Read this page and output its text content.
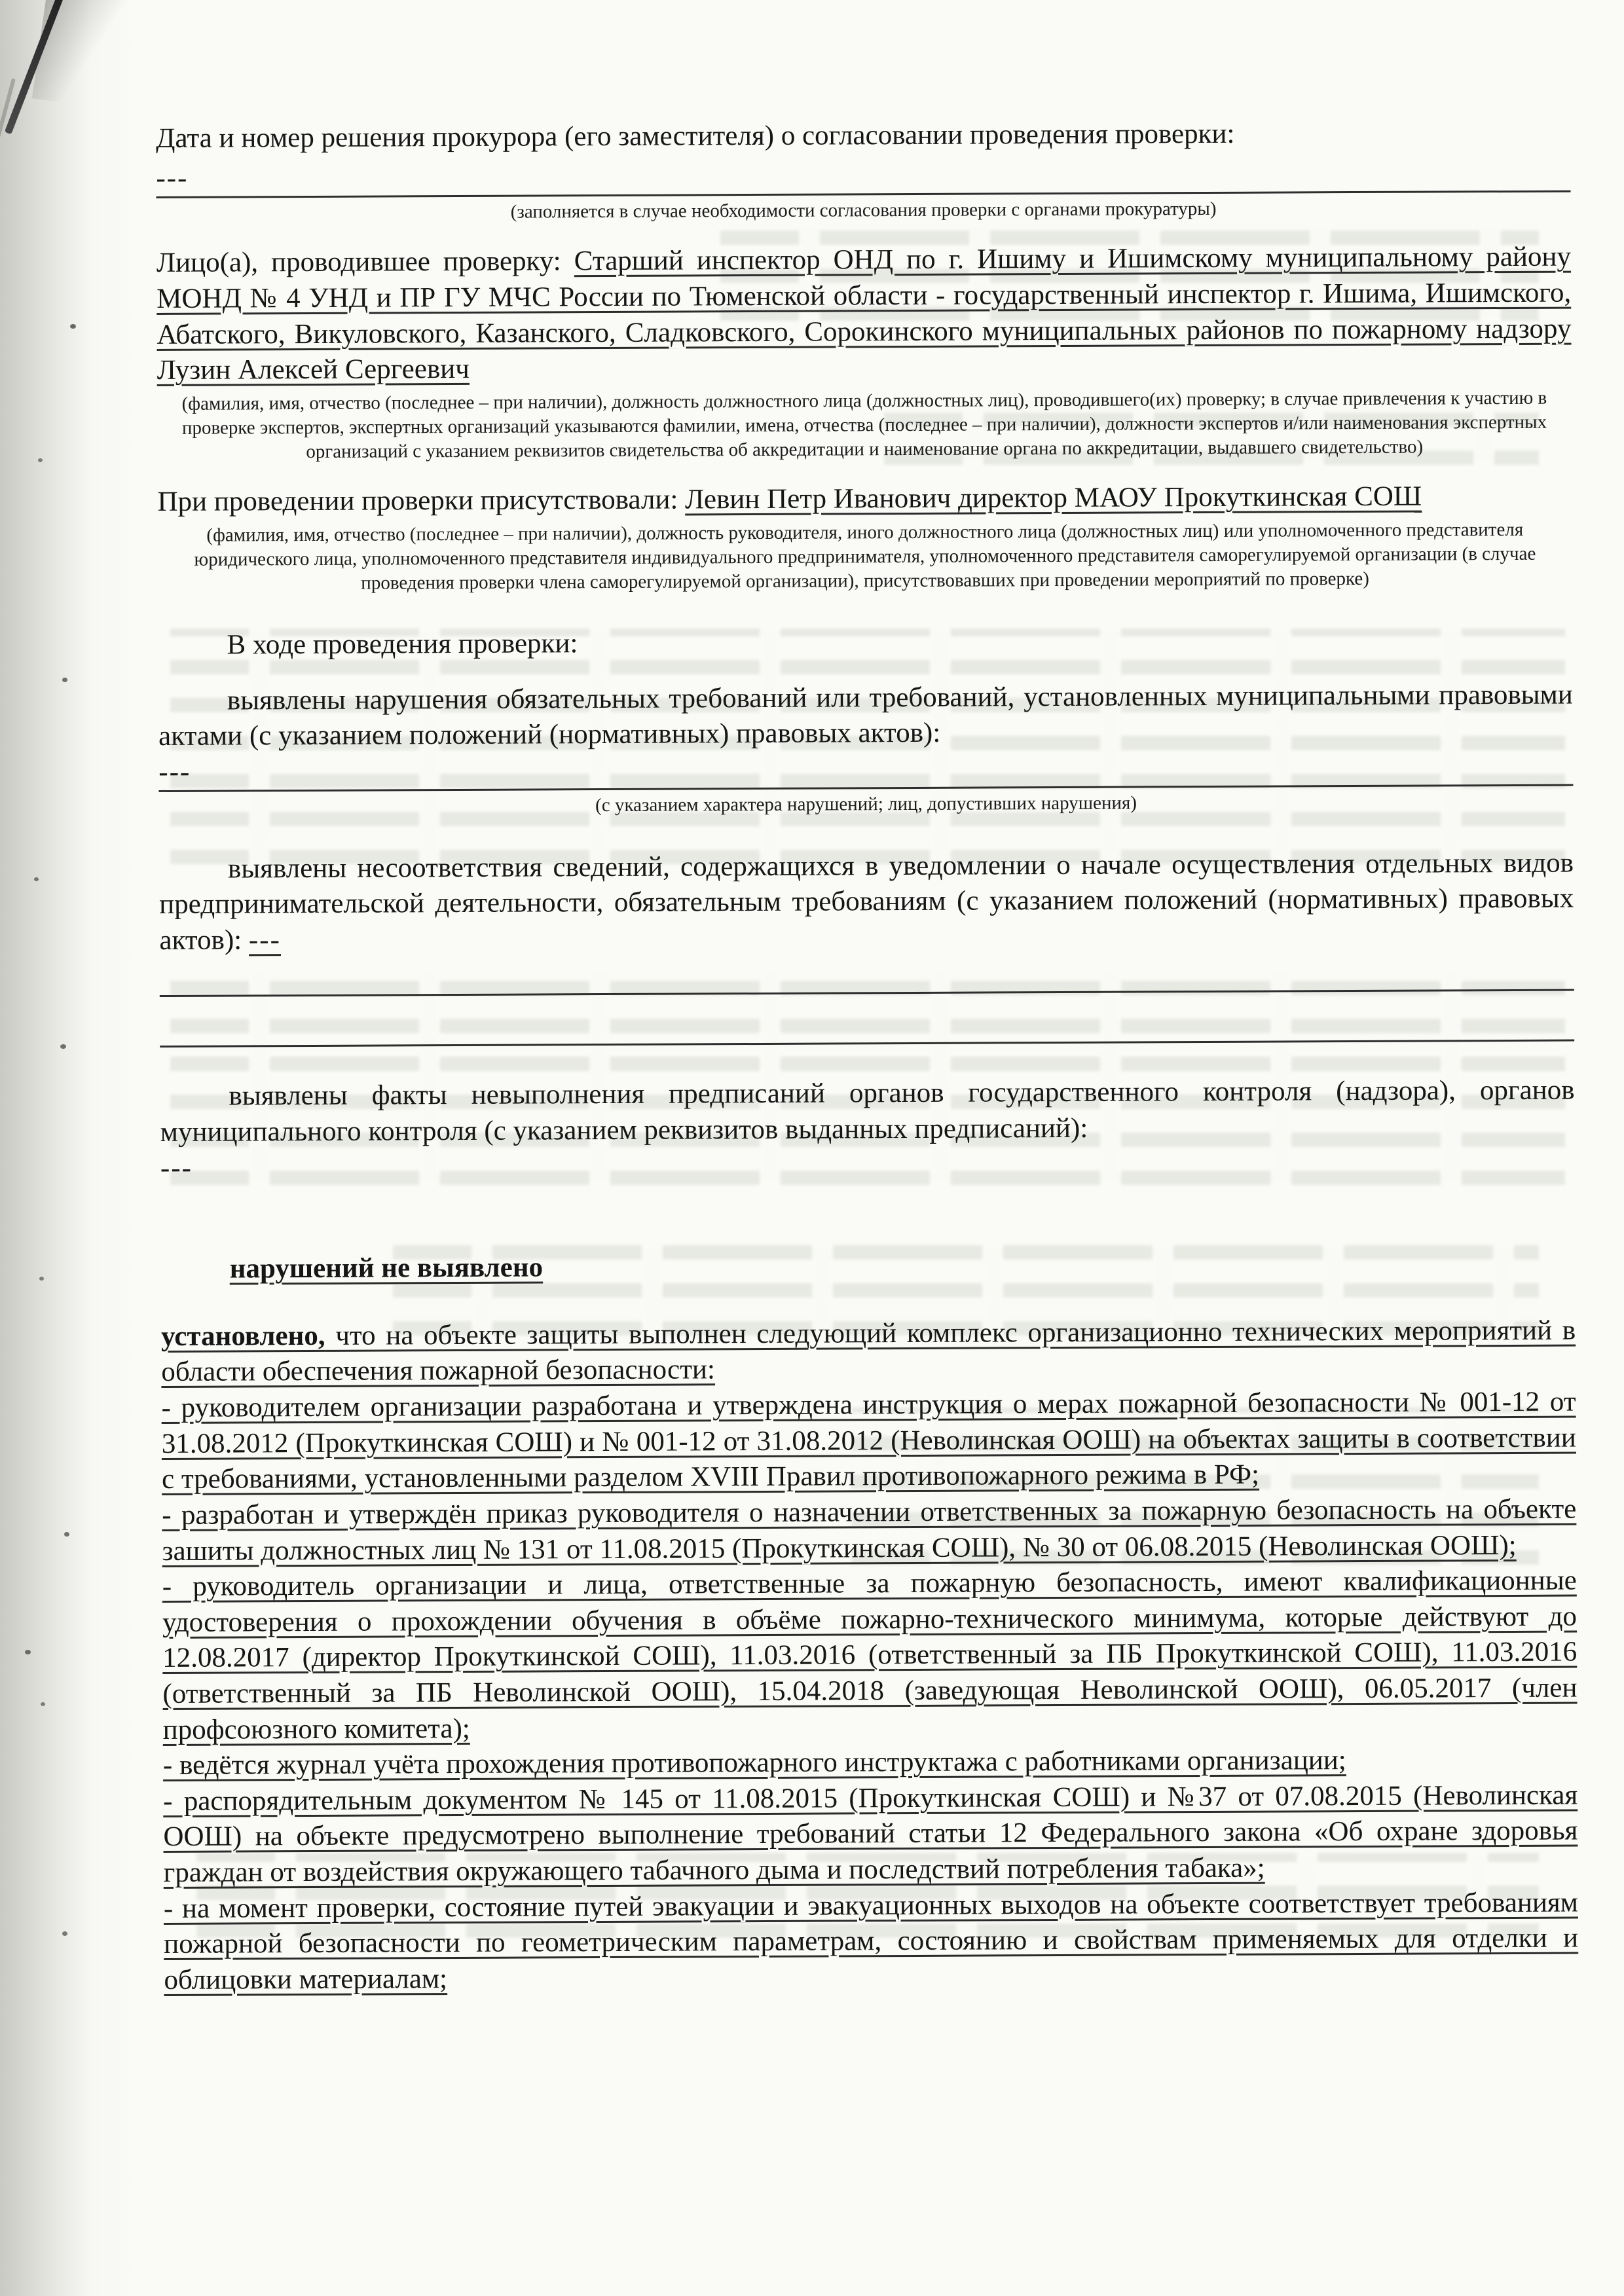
Дата и номер решения прокурора (его заместителя) о согласовании проведения проверки:

---

(заполняется в случае необходимости согласования проверки с органами прокуратуры)

Лицо(а), проводившее проверку: Старший инспектор ОНД по г. Ишиму и Ишимскому муниципальному району МОНД № 4 УНД и ПР ГУ МЧС России по Тюменской области - государственный инспектор г. Ишима, Ишимского, Абатского, Викуловского, Казанского, Сладковского, Сорокинского муниципальных районов по пожарному надзору Лузин Алексей Сергеевич

(фамилия, имя, отчество (последнее – при наличии), должность должностного лица (должностных лиц), проводившего(их) проверку; в случае привлечения к участию в проверке экспертов, экспертных организаций указываются фамилии, имена, отчества (последнее – при наличии), должности экспертов и/или наименования экспертных организаций с указанием реквизитов свидетельства об аккредитации и наименование органа по аккредитации, выдавшего свидетельство)

При проведении проверки присутствовали: Левин Петр Иванович директор МАОУ Прокуткинская СОШ

(фамилия, имя, отчество (последнее – при наличии), должность руководителя, иного должностного лица (должностных лиц) или уполномоченного представителя юридического лица, уполномоченного представителя индивидуального предпринимателя, уполномоченного представителя саморегулируемой организации (в случае проведения проверки члена саморегулируемой организации), присутствовавших при проведении мероприятий по проверке)

В ходе проведения проверки:

выявлены нарушения обязательных требований или требований, установленных муниципальными правовыми актами (с указанием положений (нормативных) правовых актов):

---

(с указанием характера нарушений; лиц, допустивших нарушения)

выявлены несоответствия сведений, содержащихся в уведомлении о начале осуществления отдельных видов предпринимательской деятельности, обязательным требованиям (с указанием положений (нормативных) правовых актов): ---

выявлены факты невыполнения предписаний органов государственного контроля (надзора), органов муниципального контроля (с указанием реквизитов выданных предписаний):

---

нарушений не выявлено

установлено, что на объекте защиты выполнен следующий комплекс организационно технических мероприятий в области обеспечения пожарной безопасности:

- руководителем организации разработана и утверждена инструкция о мерах пожарной безопасности № 001-12 от 31.08.2012 (Прокуткинская СОШ) и № 001-12 от 31.08.2012 (Неволинская ООШ) на объектах защиты в соответствии с требованиями, установленными разделом XVIII Правил противопожарного режима в РФ;

- разработан и утверждён приказ руководителя о назначении ответственных за пожарную безопасность на объекте зашиты должностных лиц № 131 от 11.08.2015 (Прокуткинская СОШ), № 30 от 06.08.2015 (Неволинская ООШ);

- руководитель организации и лица, ответственные за пожарную безопасность, имеют квалификационные удостоверения о прохождении обучения в объёме пожарно-технического минимума, которые действуют до 12.08.2017 (директор Прокуткинской СОШ), 11.03.2016 (ответственный за ПБ Прокуткинской СОШ), 11.03.2016 (ответственный за ПБ Неволинской ООШ), 15.04.2018 (заведующая Неволинской ООШ), 06.05.2017 (член профсоюзного комитета);

- ведётся журнал учёта прохождения противопожарного инструктажа с работниками организации;

- распорядительным документом № 145 от 11.08.2015 (Прокуткинская СОШ) и №37 от 07.08.2015 (Неволинская ООШ) на объекте предусмотрено выполнение требований статьи 12 Федерального закона «Об охране здоровья граждан от воздействия окружающего табачного дыма и последствий потребления табака»;

- на момент проверки, состояние путей эвакуации и эвакуационных выходов на объекте соответствует требованиям пожарной безопасности по геометрическим параметрам, состоянию и свойствам применяемых для отделки и облицовки материалам;
